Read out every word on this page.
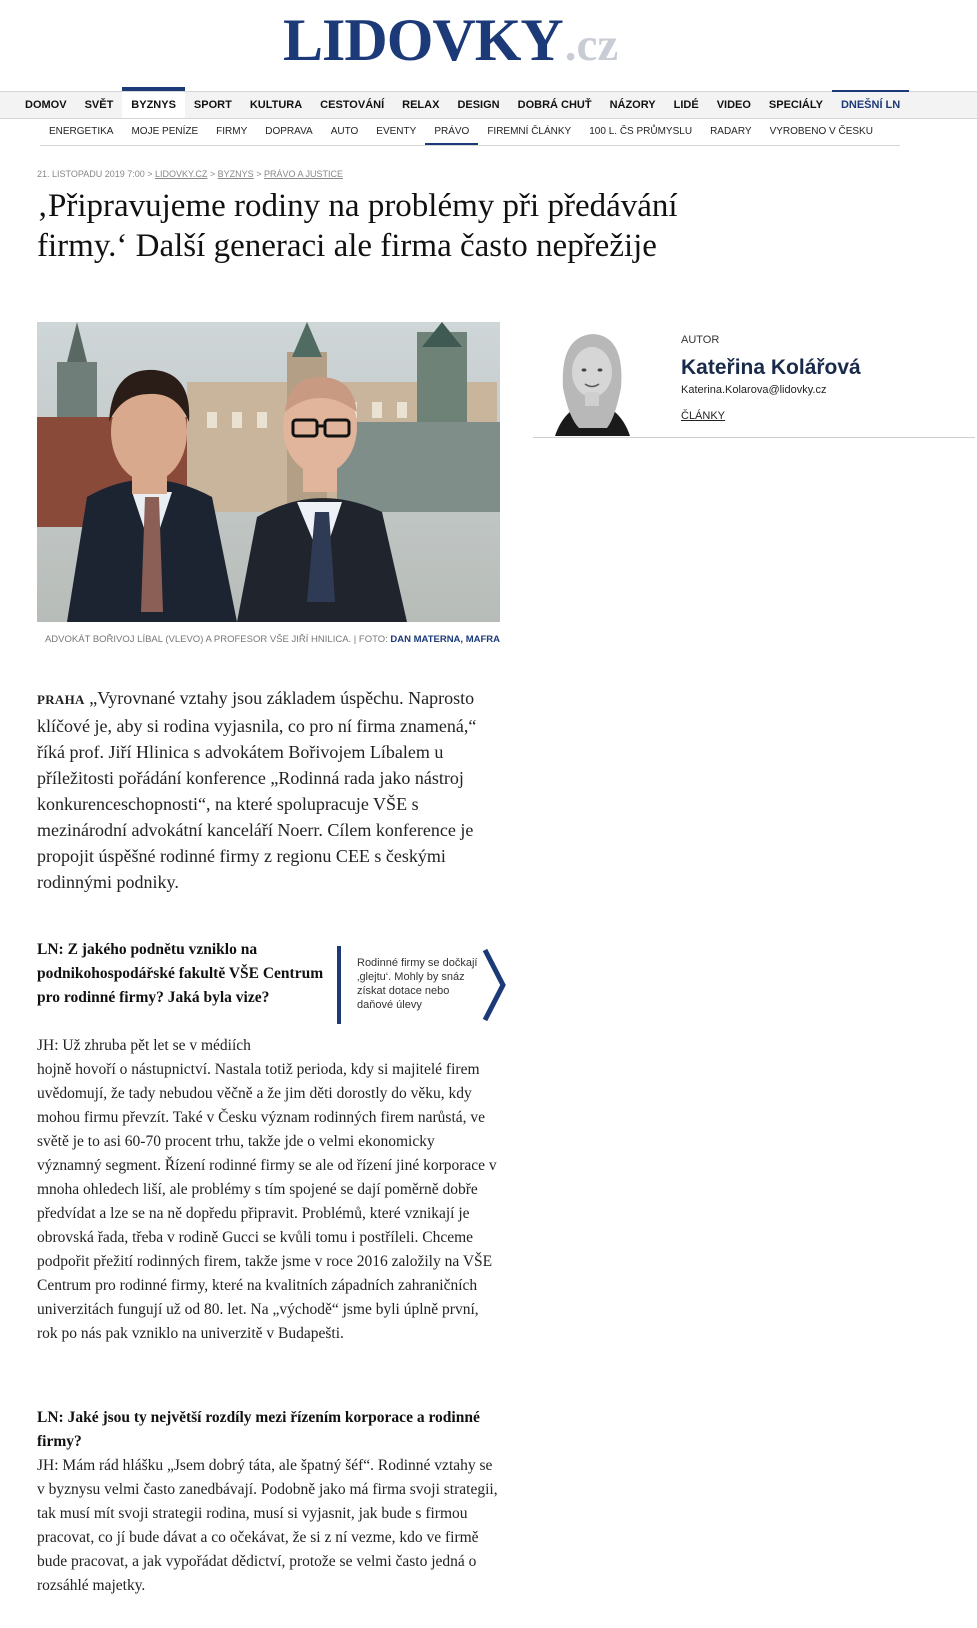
LIDOVKY .cz
DOMOV	SVĚT	BYZNYS	SPORT	KULTURA	CESTOVÁNÍ	RELAX	DESIGN	DOBRÁ CHUŤ	NÁZORY	LIDÉ	VIDEO	SPECIÁLY	DNEŠNÍ LN
ENERGETIKA	MOJE PENÍZE	FIRMY	DOPRAVA	AUTO	EVENTY	PRÁVO	FIREMNÍ ČLÁNKY	100 L. ČS PRŮMYSLU	RADARY	VYROBENO V ČESKU
21. LISTOPADU 2019 7:00 > LIDOVKY.CZ > BYZNYS > PRÁVO A JUSTICE
‚Připravujeme rodiny na problémy při předávání firmy.‘ Další generaci ale firma často nepřežije
ADVOKÁT BOŘIVOJ LÍBAL (VLEVO) A PROFESOR VŠE JIŘÍ HNILICA. | FOTO: DAN MATERNA, MAFRA
AUTOR
Kateřina Kolářová
Katerina.Kolarova@lidovky.cz
ČLÁNKY

PRAHA „Vyrovnané vztahy jsou základem úspěchu. Naprosto klíčové je, aby si rodina vyjasnila, co pro ní firma znamená,“ říká prof. Jiří Hlinica s advokátem Bořivojem Líbalem u příležitosti pořádání konference „Rodinná rada jako nástroj konkurenceschopnosti“, na které spolupracuje VŠE s mezinárodní advokátní kanceláří Noerr. Cílem konference je propojit úspěšné rodinné firmy z regionu CEE s českými rodinnými podniky.

LN: Z jakého podnětu vzniklo na podnikohospodářské fakultě VŠE Centrum pro rodinné firmy? Jaká byla vize?

JH: Už zhruba pět let se v médiích

hojně hovoří o nástupnictví. Nastala totiž perioda, kdy si majitelé firem uvědomují, že tady nebudou věčně a že jim děti dorostly do věku, kdy mohou firmu převzít. Také v Česku význam rodinných firem narůstá, ve světě je to asi 60-70 procent trhu, takže jde o velmi ekonomicky významný segment. Řízení rodinné firmy se ale od řízení jiné korporace v mnoha ohledech liší, ale problémy s tím spojené se dají poměrně dobře předvídat a lze se na ně dopředu připravit. Problémů, které vznikají je obrovská řada, třeba v rodině Gucci se kvůli tomu i postříleli. Chceme podpořit přežití rodinných firem, takže jsme v roce 2016 založily na VŠE Centrum pro rodinné firmy, které na kvalitních západních zahraničních univerzitách fungují už od 80. let. Na „východě“ jsme byli úplně první, rok po nás pak vzniklo na univerzitě v Budapešti.

Rodinné firmy se dočkají ‚glejtu‘. Mohly by snáz získat dotace nebo daňové úlevy

LN: Jaké jsou ty největší rozdíly mezi řízením korporace a rodinné firmy?

JH: Mám rád hlášku „Jsem dobrý táta, ale špatný šéf“. Rodinné vztahy se v byznysu velmi často zanedbávají. Podobně jako má firma svoji strategii, tak musí mít svoji strategii rodina, musí si vyjasnit, jak bude s firmou pracovat, co jí bude dávat a co očekávat, že si z ní vezme, kdo ve firmě bude pracovat, a jak vypořádat dědictví, protože se velmi často jedná o rozsáhlé majetky.
